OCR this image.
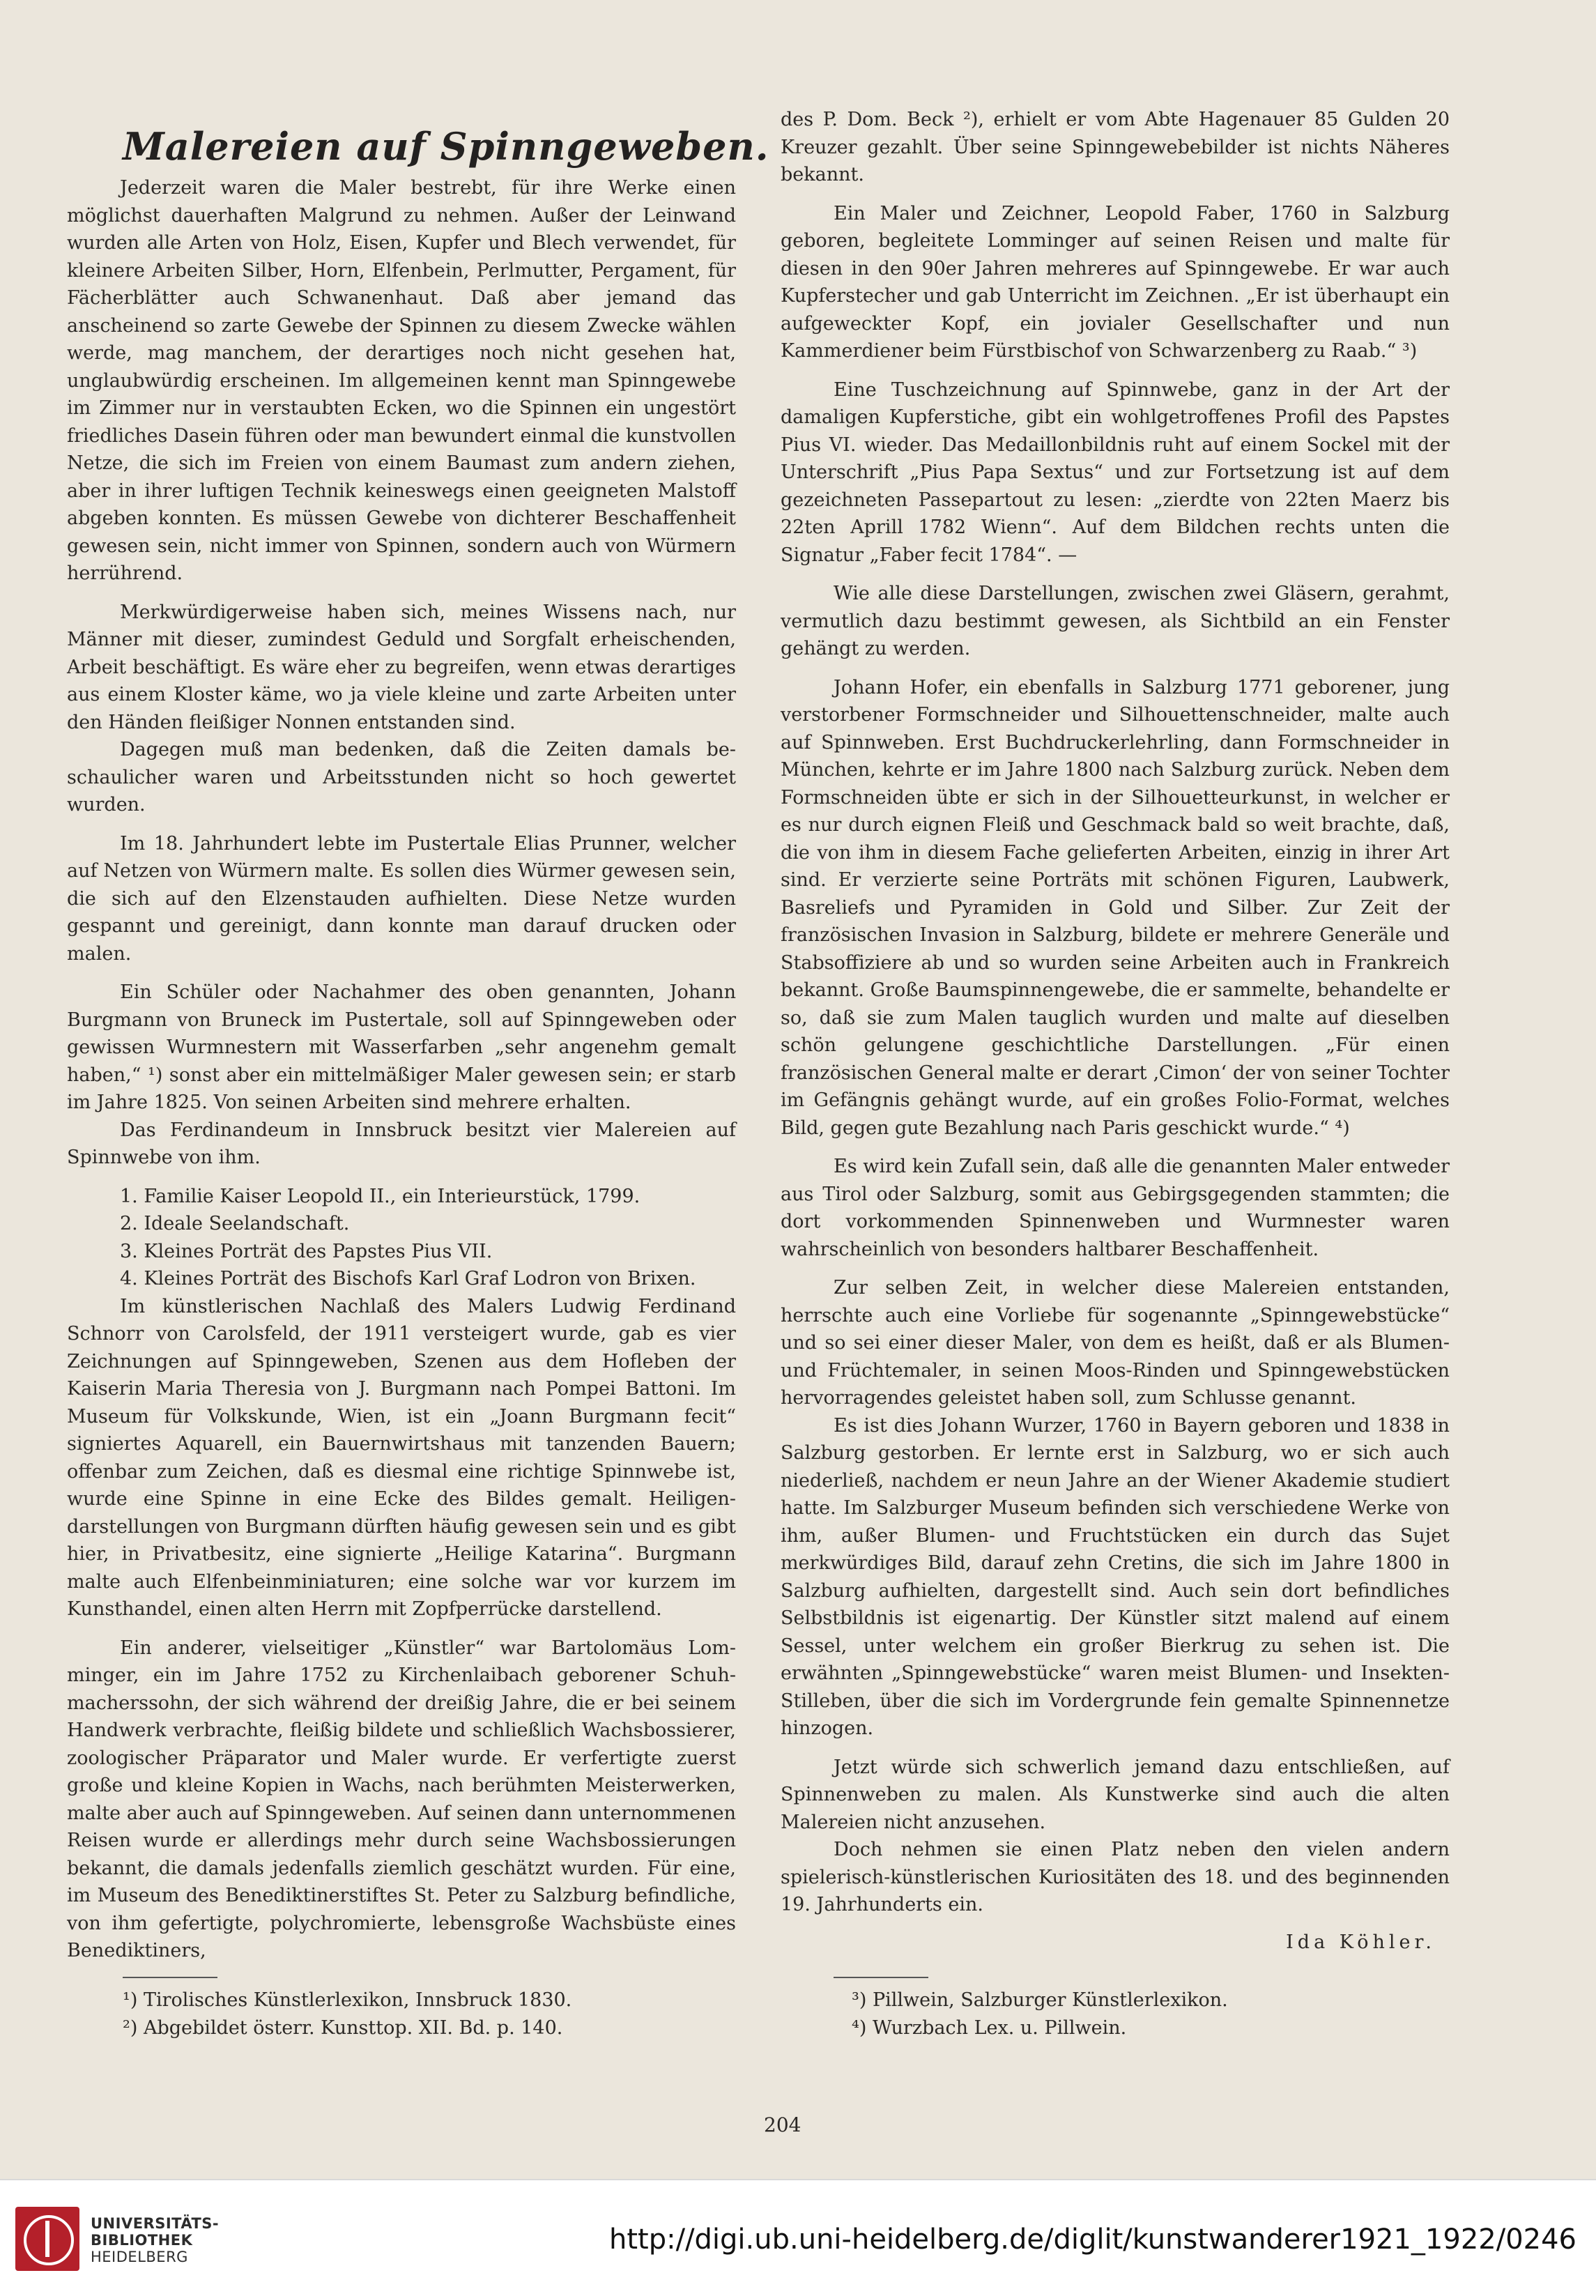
Malereien auf Spinngeweben.

Jederzeit waren die Maler bestrebt, für ihre Werke einen möglichst dauerhaften Malgrund zu nehmen. Außer der Leinwand wurden alle Arten von Holz, Eisen, Kupfer und Blech verwendet, für kleinere Arbeiten Silber, Horn, Elfenbein, Perlmutter, Pergament, für Fächerblätter auch Schwanenhaut. Daß aber jemand das anscheinend so zarte Gewebe der Spinnen zu diesem Zwecke wählen werde, mag manchem, der derartiges noch nicht gesehen hat, unglaubwürdig erscheinen. Im allgemeinen kennt man Spinngewebe im Zimmer nur in verstaubten Ecken, wo die Spinnen ein ungestört friedliches Dasein führen oder man bewundert einmal die kunstvollen Netze, die sich im Freien von einem Baumast zum andern ziehen, aber in ihrer luftigen Technik keineswegs einen geeigneten Malstoff abgeben konnten. Es müssen Gewebe von dichterer Beschaffenheit gewesen sein, nicht immer von Spinnen, sondern auch von Würmern herrührend.

Merkwürdigerweise haben sich, meines Wissens nach, nur Männer mit dieser, zumindest Geduld und Sorgfalt erheischenden, Arbeit beschäftigt. Es wäre eher zu begreifen, wenn etwas derartiges aus einem Kloster käme, wo ja viele kleine und zarte Arbeiten unter den Händen fleißiger Nonnen entstanden sind.

Dagegen muß man bedenken, daß die Zeiten damals beschaulicher waren und Arbeitsstunden nicht so hoch gewertet wurden.

Im 18. Jahrhundert lebte im Pustertale Elias Prunner, welcher auf Netzen von Würmern malte. Es sollen dies Würmer gewesen sein, die sich auf den Elzenstauden aufhielten. Diese Netze wurden gespannt und gereinigt, dann konnte man darauf drucken oder malen.

Ein Schüler oder Nachahmer des oben genannten, Johann Burgmann von Bruneck im Pustertale, soll auf Spinngeweben oder gewissen Wurmnestern mit Wasserfarben „sehr angenehm gemalt haben,“ ¹) sonst aber ein mittelmäßiger Maler gewesen sein; er starb im Jahre 1825. Von seinen Arbeiten sind mehrere erhalten.

Das Ferdinandeum in Innsbruck besitzt vier Malereien auf Spinnwebe von ihm.

1. Familie Kaiser Leopold II., ein Interieurstück, 1799.
2. Ideale Seelandschaft.
3. Kleines Porträt des Papstes Pius VII.
4. Kleines Porträt des Bischofs Karl Graf Lodron von Brixen.

Im künstlerischen Nachlaß des Malers Ludwig Ferdinand Schnorr von Carolsfeld, der 1911 versteigert wurde, gab es vier Zeichnungen auf Spinngeweben, Szenen aus dem Hofleben der Kaiserin Maria Theresia von J. Burgmann nach Pompei Battoni. Im Museum für Volkskunde, Wien, ist ein „Joann Burgmann fecit“ signiertes Aquarell, ein Bauernwirtshaus mit tanzenden Bauern; offenbar zum Zeichen, daß es diesmal eine richtige Spinnwebe ist, wurde eine Spinne in eine Ecke des Bildes gemalt. Heiligendarstellungen von Burgmann dürften häufig gewesen sein und es gibt hier, in Privatbesitz, eine signierte „Heilige Katarina“. Burgmann malte auch Elfenbeinminiaturen; eine solche war vor kurzem im Kunsthandel, einen alten Herrn mit Zopfperrücke darstellend.

Ein anderer, vielseitiger „Künstler“ war Bartolomäus Lomminger, ein im Jahre 1752 zu Kirchenlaibach geborener Schuhmacherssohn, der sich während der dreißig Jahre, die er bei seinem Handwerk verbrachte, fleißig bildete und schließlich Wachsbossierer, zoologischer Präparator und Maler wurde. Er verfertigte zuerst große und kleine Kopien in Wachs, nach berühmten Meisterwerken, malte aber auch auf Spinngeweben. Auf seinen dann unternommenen Reisen wurde er allerdings mehr durch seine Wachsbossierungen bekannt, die damals jedenfalls ziemlich geschätzt wurden. Für eine, im Museum des Benediktinerstiftes St. Peter zu Salzburg befindliche, von ihm gefertigte, polychromierte, lebensgroße Wachsbüste eines Benediktiners,

des P. Dom. Beck ²), erhielt er vom Abte Hagenauer 85 Gulden 20 Kreuzer gezahlt. Über seine Spinngewebebilder ist nichts Näheres bekannt.

Ein Maler und Zeichner, Leopold Faber, 1760 in Salzburg geboren, begleitete Lomminger auf seinen Reisen und malte für diesen in den 90er Jahren mehreres auf Spinngewebe. Er war auch Kupferstecher und gab Unterricht im Zeichnen. „Er ist überhaupt ein aufgeweckter Kopf, ein jovialer Gesellschafter und nun Kammerdiener beim Fürstbischof von Schwarzenberg zu Raab.“ ³)

Eine Tuschzeichnung auf Spinnwebe, ganz in der Art der damaligen Kupferstiche, gibt ein wohlgetroffenes Profil des Papstes Pius VI. wieder. Das Medaillonbildnis ruht auf einem Sockel mit der Unterschrift „Pius Papa Sextus“ und zur Fortsetzung ist auf dem gezeichneten Passepartout zu lesen: „zierdte von 22ten Maerz bis 22ten Aprill 1782 Wienn“. Auf dem Bildchen rechts unten die Signatur „Faber fecit 1784“. —

Wie alle diese Darstellungen, zwischen zwei Gläsern, gerahmt, vermutlich dazu bestimmt gewesen, als Sichtbild an ein Fenster gehängt zu werden.

Johann Hofer, ein ebenfalls in Salzburg 1771 geborener, jung verstorbener Formschneider und Silhouettenschneider, malte auch auf Spinnweben. Erst Buchdruckerlehrling, dann Formschneider in München, kehrte er im Jahre 1800 nach Salzburg zurück. Neben dem Formschneiden übte er sich in der Silhouetteurkunst, in welcher er es nur durch eignen Fleiß und Geschmack bald so weit brachte, daß, die von ihm in diesem Fache gelieferten Arbeiten, einzig in ihrer Art sind. Er verzierte seine Porträts mit schönen Figuren, Laubwerk, Basreliefs und Pyramiden in Gold und Silber. Zur Zeit der französischen Invasion in Salzburg, bildete er mehrere Generäle und Stabsoffiziere ab und so wurden seine Arbeiten auch in Frankreich bekannt. Große Baumspinnengewebe, die er sammelte, behandelte er so, daß sie zum Malen tauglich wurden und malte auf dieselben schön gelungene geschichtliche Darstellungen. „Für einen französischen General malte er derart ‚Cimon‘ der von seiner Tochter im Gefängnis gehängt wurde, auf ein großes Folio-Format, welches Bild, gegen gute Bezahlung nach Paris geschickt wurde.“ ⁴)

Es wird kein Zufall sein, daß alle die genannten Maler entweder aus Tirol oder Salzburg, somit aus Gebirgsgegenden stammten; die dort vorkommenden Spinnenweben und Wurmnester waren wahrscheinlich von besonders haltbarer Beschaffenheit.

Zur selben Zeit, in welcher diese Malereien entstanden, herrschte auch eine Vorliebe für sogenannte „Spinngewebstücke“ und so sei einer dieser Maler, von dem es heißt, daß er als Blumen- und Früchtemaler, in seinen Moos-Rinden und Spinngewebstücken hervorragendes geleistet haben soll, zum Schlusse genannt.

Es ist dies Johann Wurzer, 1760 in Bayern geboren und 1838 in Salzburg gestorben. Er lernte erst in Salzburg, wo er sich auch niederließ, nachdem er neun Jahre an der Wiener Akademie studiert hatte. Im Salzburger Museum befinden sich verschiedene Werke von ihm, außer Blumen- und Fruchtstücken ein durch das Sujet merkwürdiges Bild, darauf zehn Cretins, die sich im Jahre 1800 in Salzburg aufhielten, dargestellt sind. Auch sein dort befindliches Selbstbildnis ist eigenartig. Der Künstler sitzt malend auf einem Sessel, unter welchem ein großer Bierkrug zu sehen ist. Die erwähnten „Spinngewebstücke“ waren meist Blumen- und Insekten-Stilleben, über die sich im Vordergrunde fein gemalte Spinnennetze hinzogen.

Jetzt würde sich schwerlich jemand dazu entschließen, auf Spinnenweben zu malen. Als Kunstwerke sind auch die alten Malereien nicht anzusehen.

Doch nehmen sie einen Platz neben den vielen andern spielerisch-künstlerischen Kuriositäten des 18. und des beginnenden 19. Jahrhunderts ein.

Ida Köhler.

¹) Tirolisches Künstlerlexikon, Innsbruck 1830.
²) Abgebildet österr. Kunsttop. XII. Bd. p. 140.
³) Pillwein, Salzburger Künstlerlexikon.
⁴) Wurzbach Lex. u. Pillwein.
204
UNIVERSITÄTS-
BIBLIOTHEK
HEIDELBERG
http://digi.ub.uni-heidelberg.de/diglit/kunstwanderer1921_1922/0246
